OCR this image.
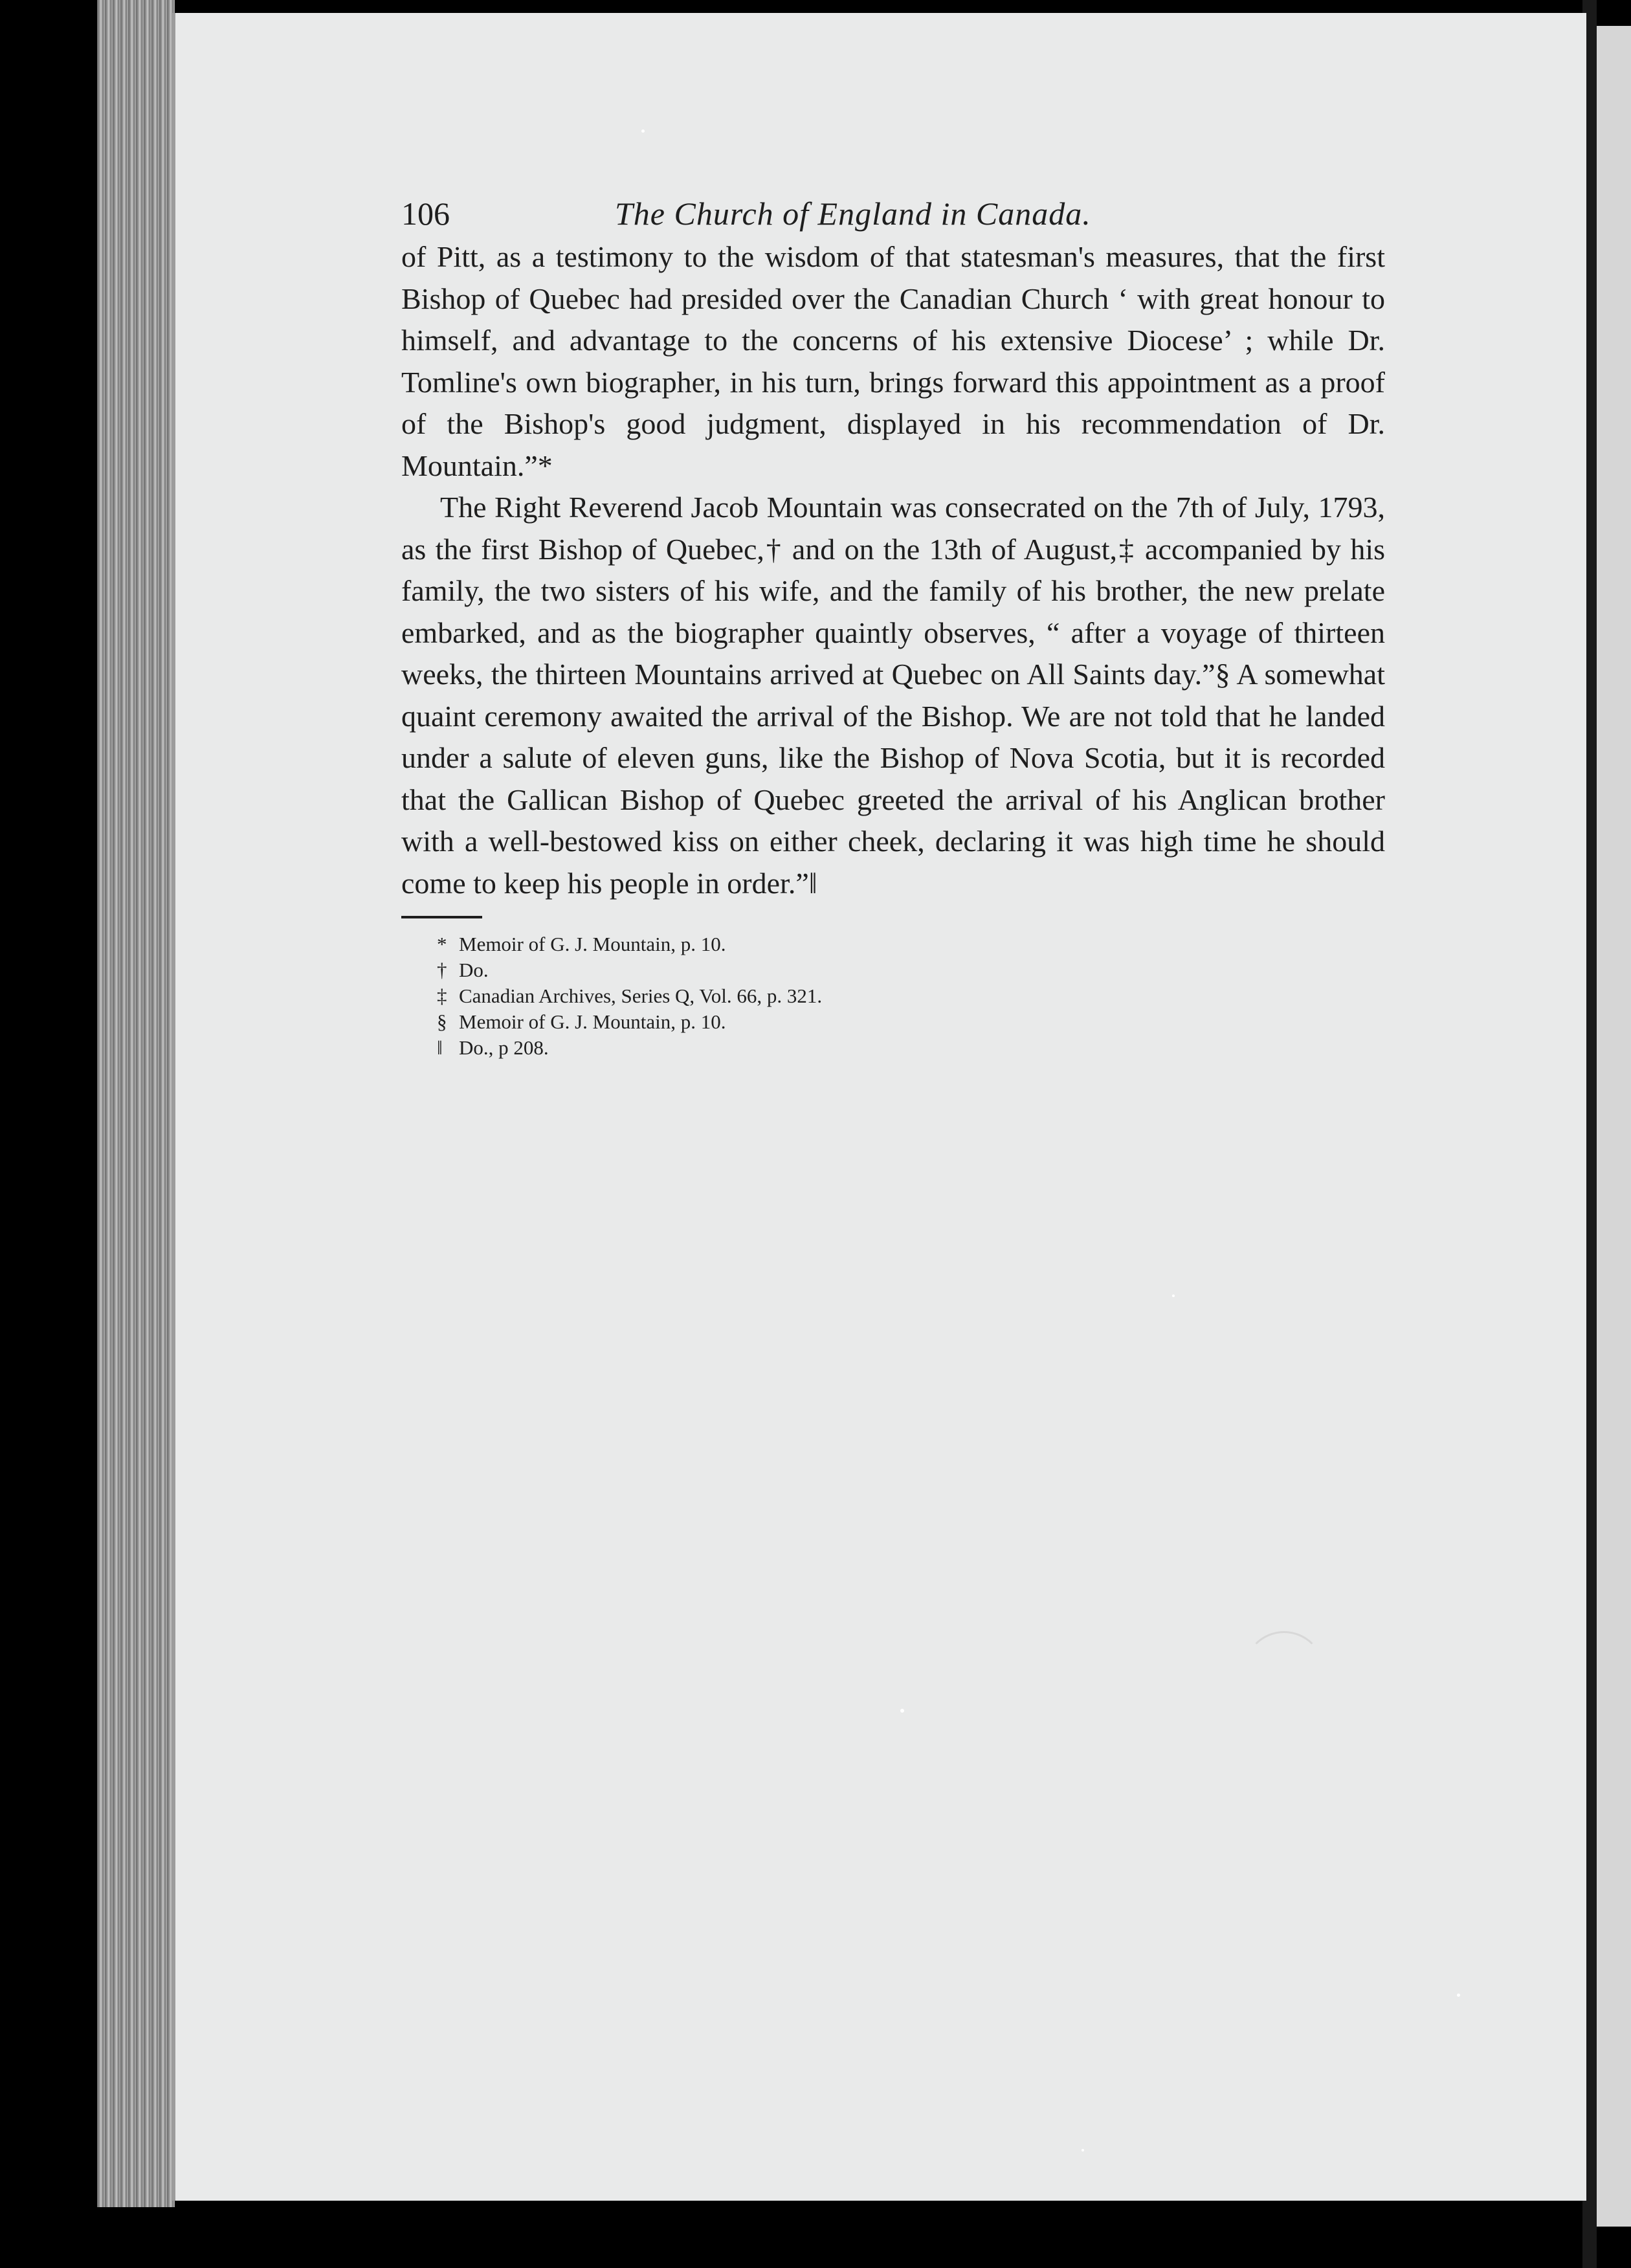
106	The Church of England in Canada.

of Pitt, as a testimony to the wisdom of that statesman's measures, that the first Bishop of Quebec had presided over the Canadian Church ‘ with great honour to himself, and advantage to the concerns of his extensive Diocese’ ; while Dr. Tomline's own biographer, in his turn, brings forward this appointment as a proof of the Bishop's good judgment, displayed in his recommendation of Dr. Mountain.”*

The Right Reverend Jacob Mountain was consecrated on the 7th of July, 1793, as the first Bishop of Quebec,† and on the 13th of August,‡ accompanied by his family, the two sisters of his wife, and the family of his brother, the new prelate embarked, and as the biographer quaintly observes, “ after a voyage of thirteen weeks, the thirteen Mountains arrived at Quebec on All Saints day.”§ A somewhat quaint ceremony awaited the arrival of the Bishop. We are not told that he landed under a salute of eleven guns, like the Bishop of Nova Scotia, but it is recorded that the Gallican Bishop of Quebec greeted the arrival of his Anglican brother with a well-bestowed kiss on either cheek, declaring it was high time he should come to keep his people in order.”‖

* Memoir of G. J. Mountain, p. 10.
† Do.
‡ Canadian Archives, Series Q, Vol. 66, p. 321.
§ Memoir of G. J. Mountain, p. 10.
‖ Do., p 208.
